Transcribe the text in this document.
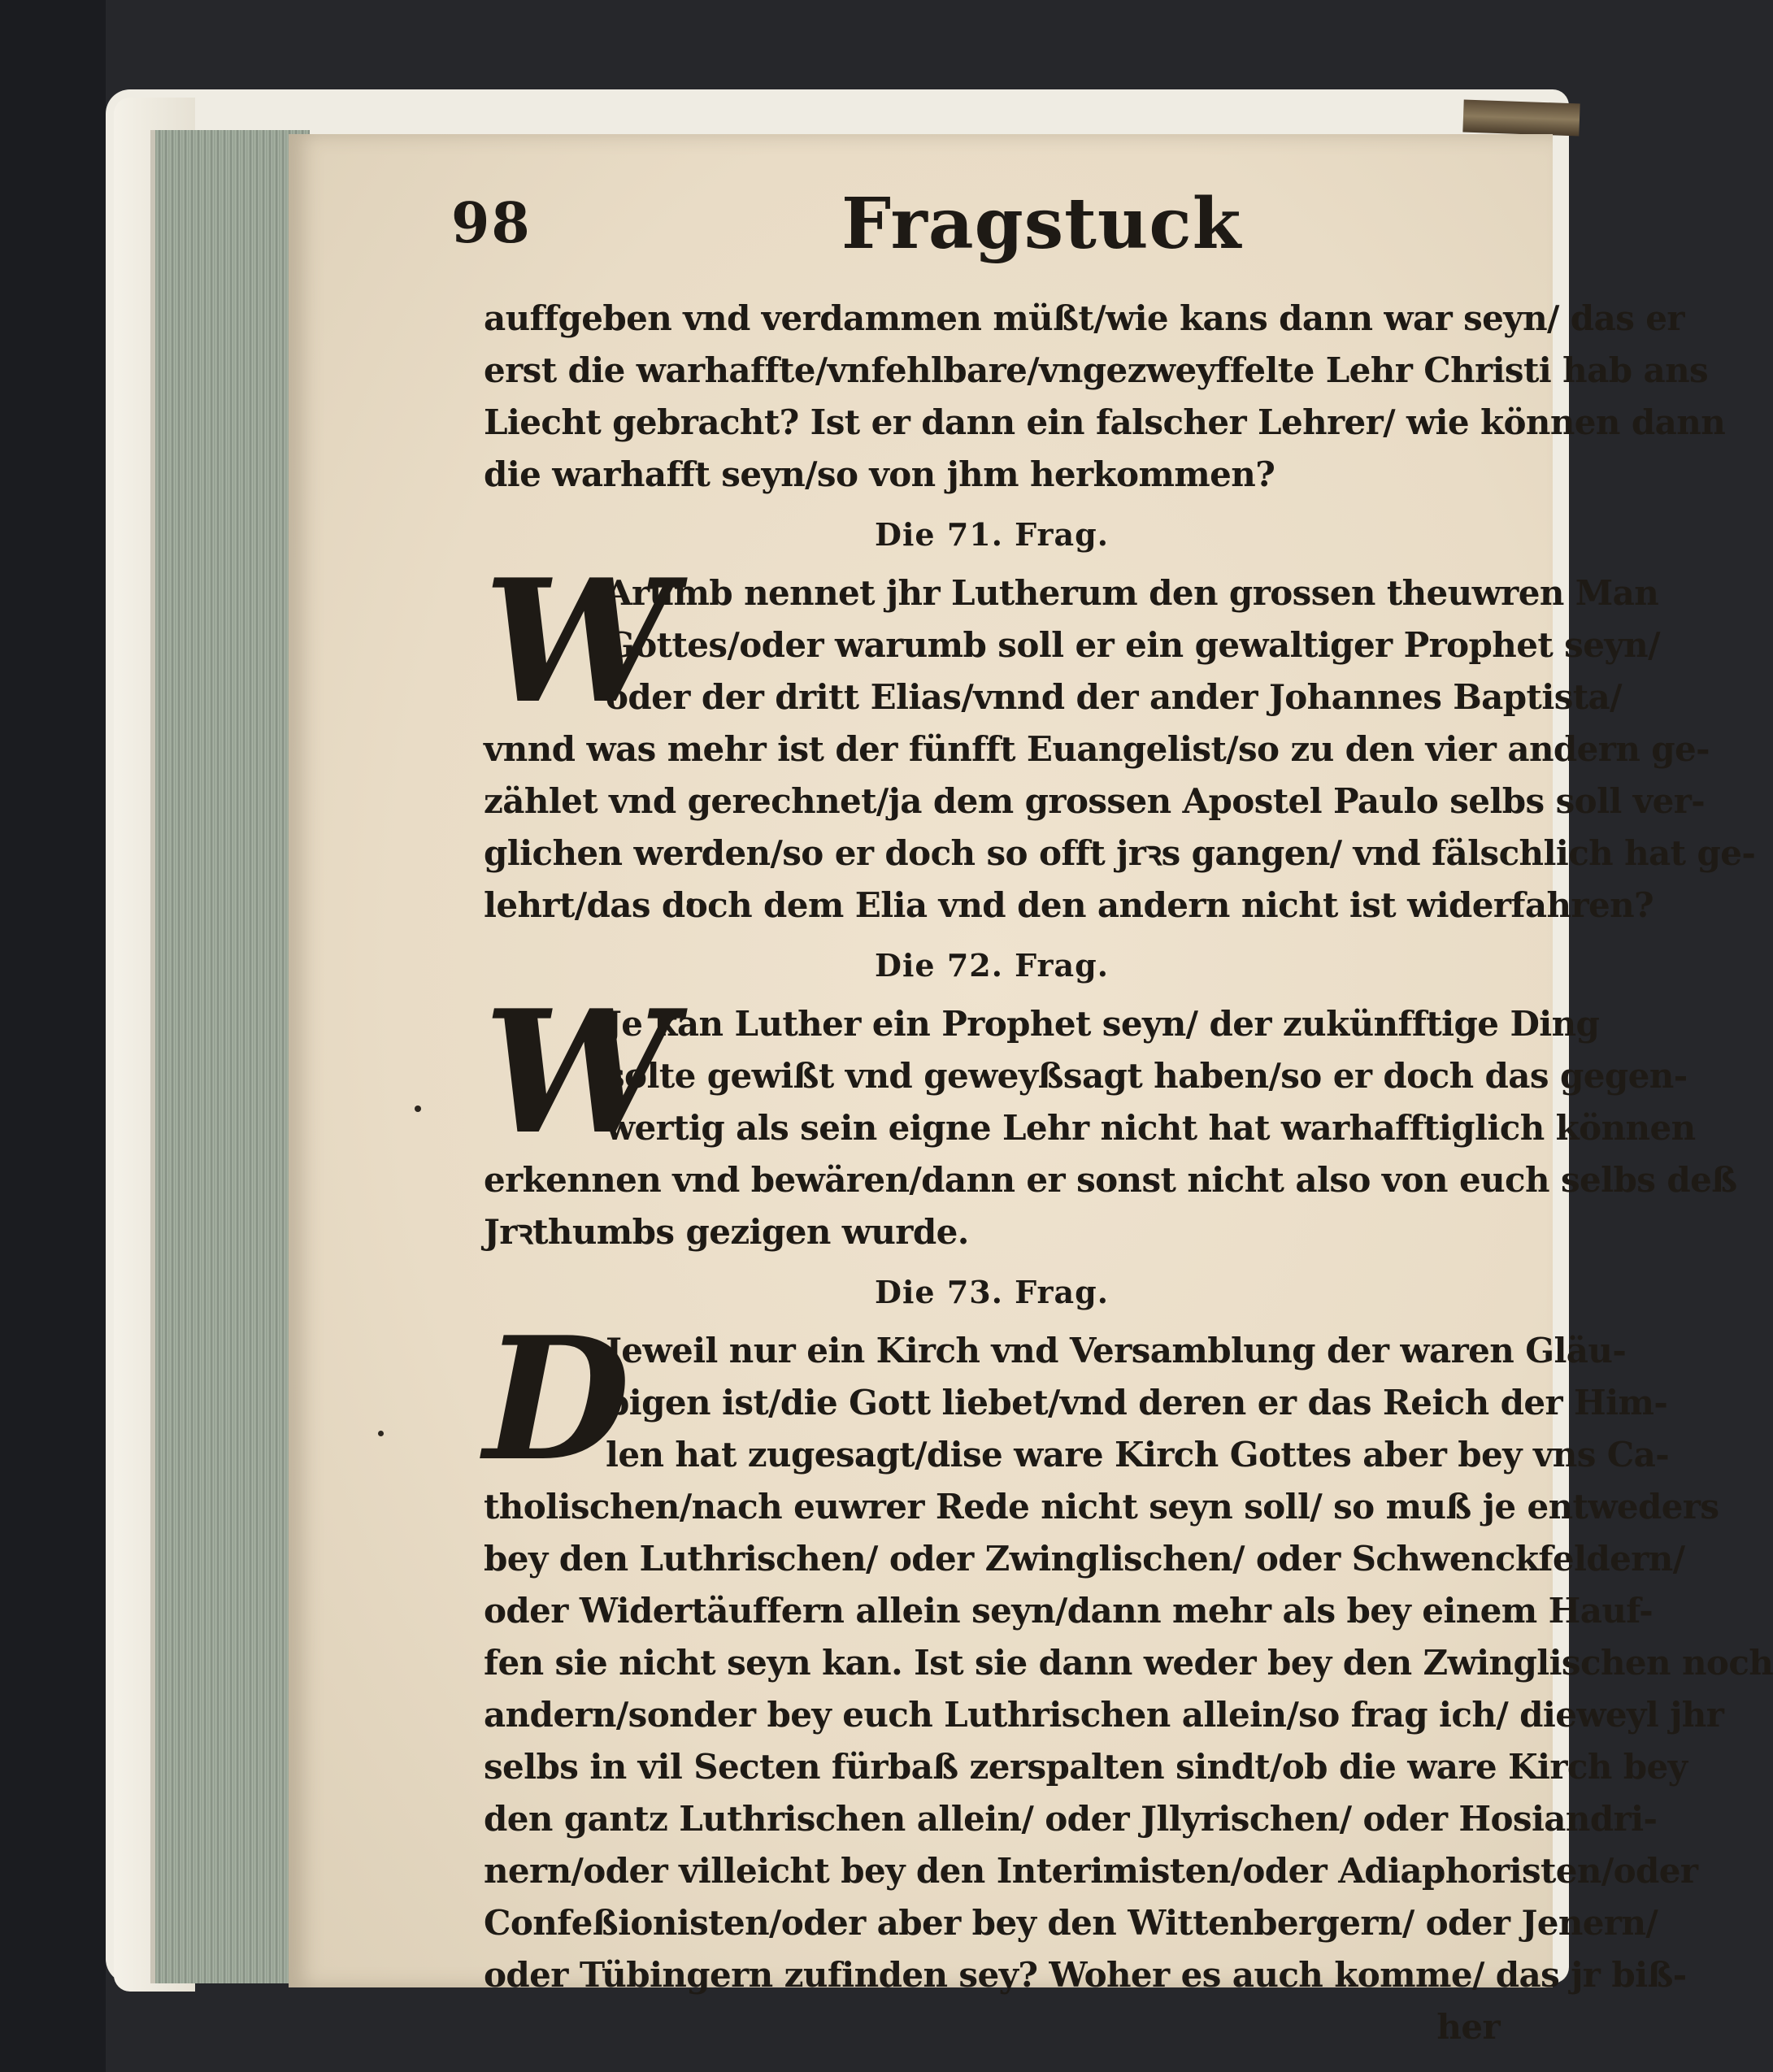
98	Fragstuck
auffgeben vnd verdammen müßt/wie kans dann war seyn/ das er
erst die warhaffte/vnfehlbare/vngezweyffelte Lehr Christi hab ans
Liecht gebracht? Ist er dann ein falscher Lehrer/ wie können dann
die warhafft seyn/so von jhm herkommen?
Die 71. Frag.
W
Arumb nennet jhr Lutherum den grossen theuwren Man
Gottes/oder warumb soll er ein gewaltiger Prophet seyn/
oder der dritt Elias/vnnd der ander Johannes Baptista/
vnnd was mehr ist der fünfft Euangelist/so zu den vier andern ge-
zählet vnd gerechnet/ja dem grossen Apostel Paulo selbs soll ver-
glichen werden/so er doch so offt jrꝛs gangen/ vnd fälschlich hat ge-
lehrt/das doch dem Elia vnd den andern nicht ist widerfahren?
Die 72. Frag.
W
Je kan Luther ein Prophet seyn/ der zukünfftige Ding
solte gewißt vnd geweyßsagt haben/so er doch das gegen-
wertig als sein eigne Lehr nicht hat warhafftiglich können
erkennen vnd bewären/dann er sonst nicht also von euch selbs deß
Jrꝛthumbs gezigen wurde.
Die 73. Frag.
D
Jeweil nur ein Kirch vnd Versamblung der waren Gläu-
bigen ist/die Gott liebet/vnd deren er das Reich der Him-
len hat zugesagt/dise ware Kirch Gottes aber bey vns Ca-
tholischen/nach euwrer Rede nicht seyn soll/ so muß je entweders
bey den Luthrischen/ oder Zwinglischen/ oder Schwenckfeldern/
oder Widertäuffern allein seyn/dann mehr als bey einem Hauf-
fen sie nicht seyn kan. Ist sie dann weder bey den Zwinglischen noch
andern/sonder bey euch Luthrischen allein/so frag ich/ dieweyl jhr
selbs in vil Secten fürbaß zerspalten sindt/ob die ware Kirch bey
den gantz Luthrischen allein/ oder Jllyrischen/ oder Hosiandri-
nern/oder villeicht bey den Interimisten/oder Adiaphoristen/oder
Confeßionisten/oder aber bey den Wittenbergern/ oder Jenern/
oder Tübingern zufinden sey? Woher es auch komme/ das jr biß-
her
